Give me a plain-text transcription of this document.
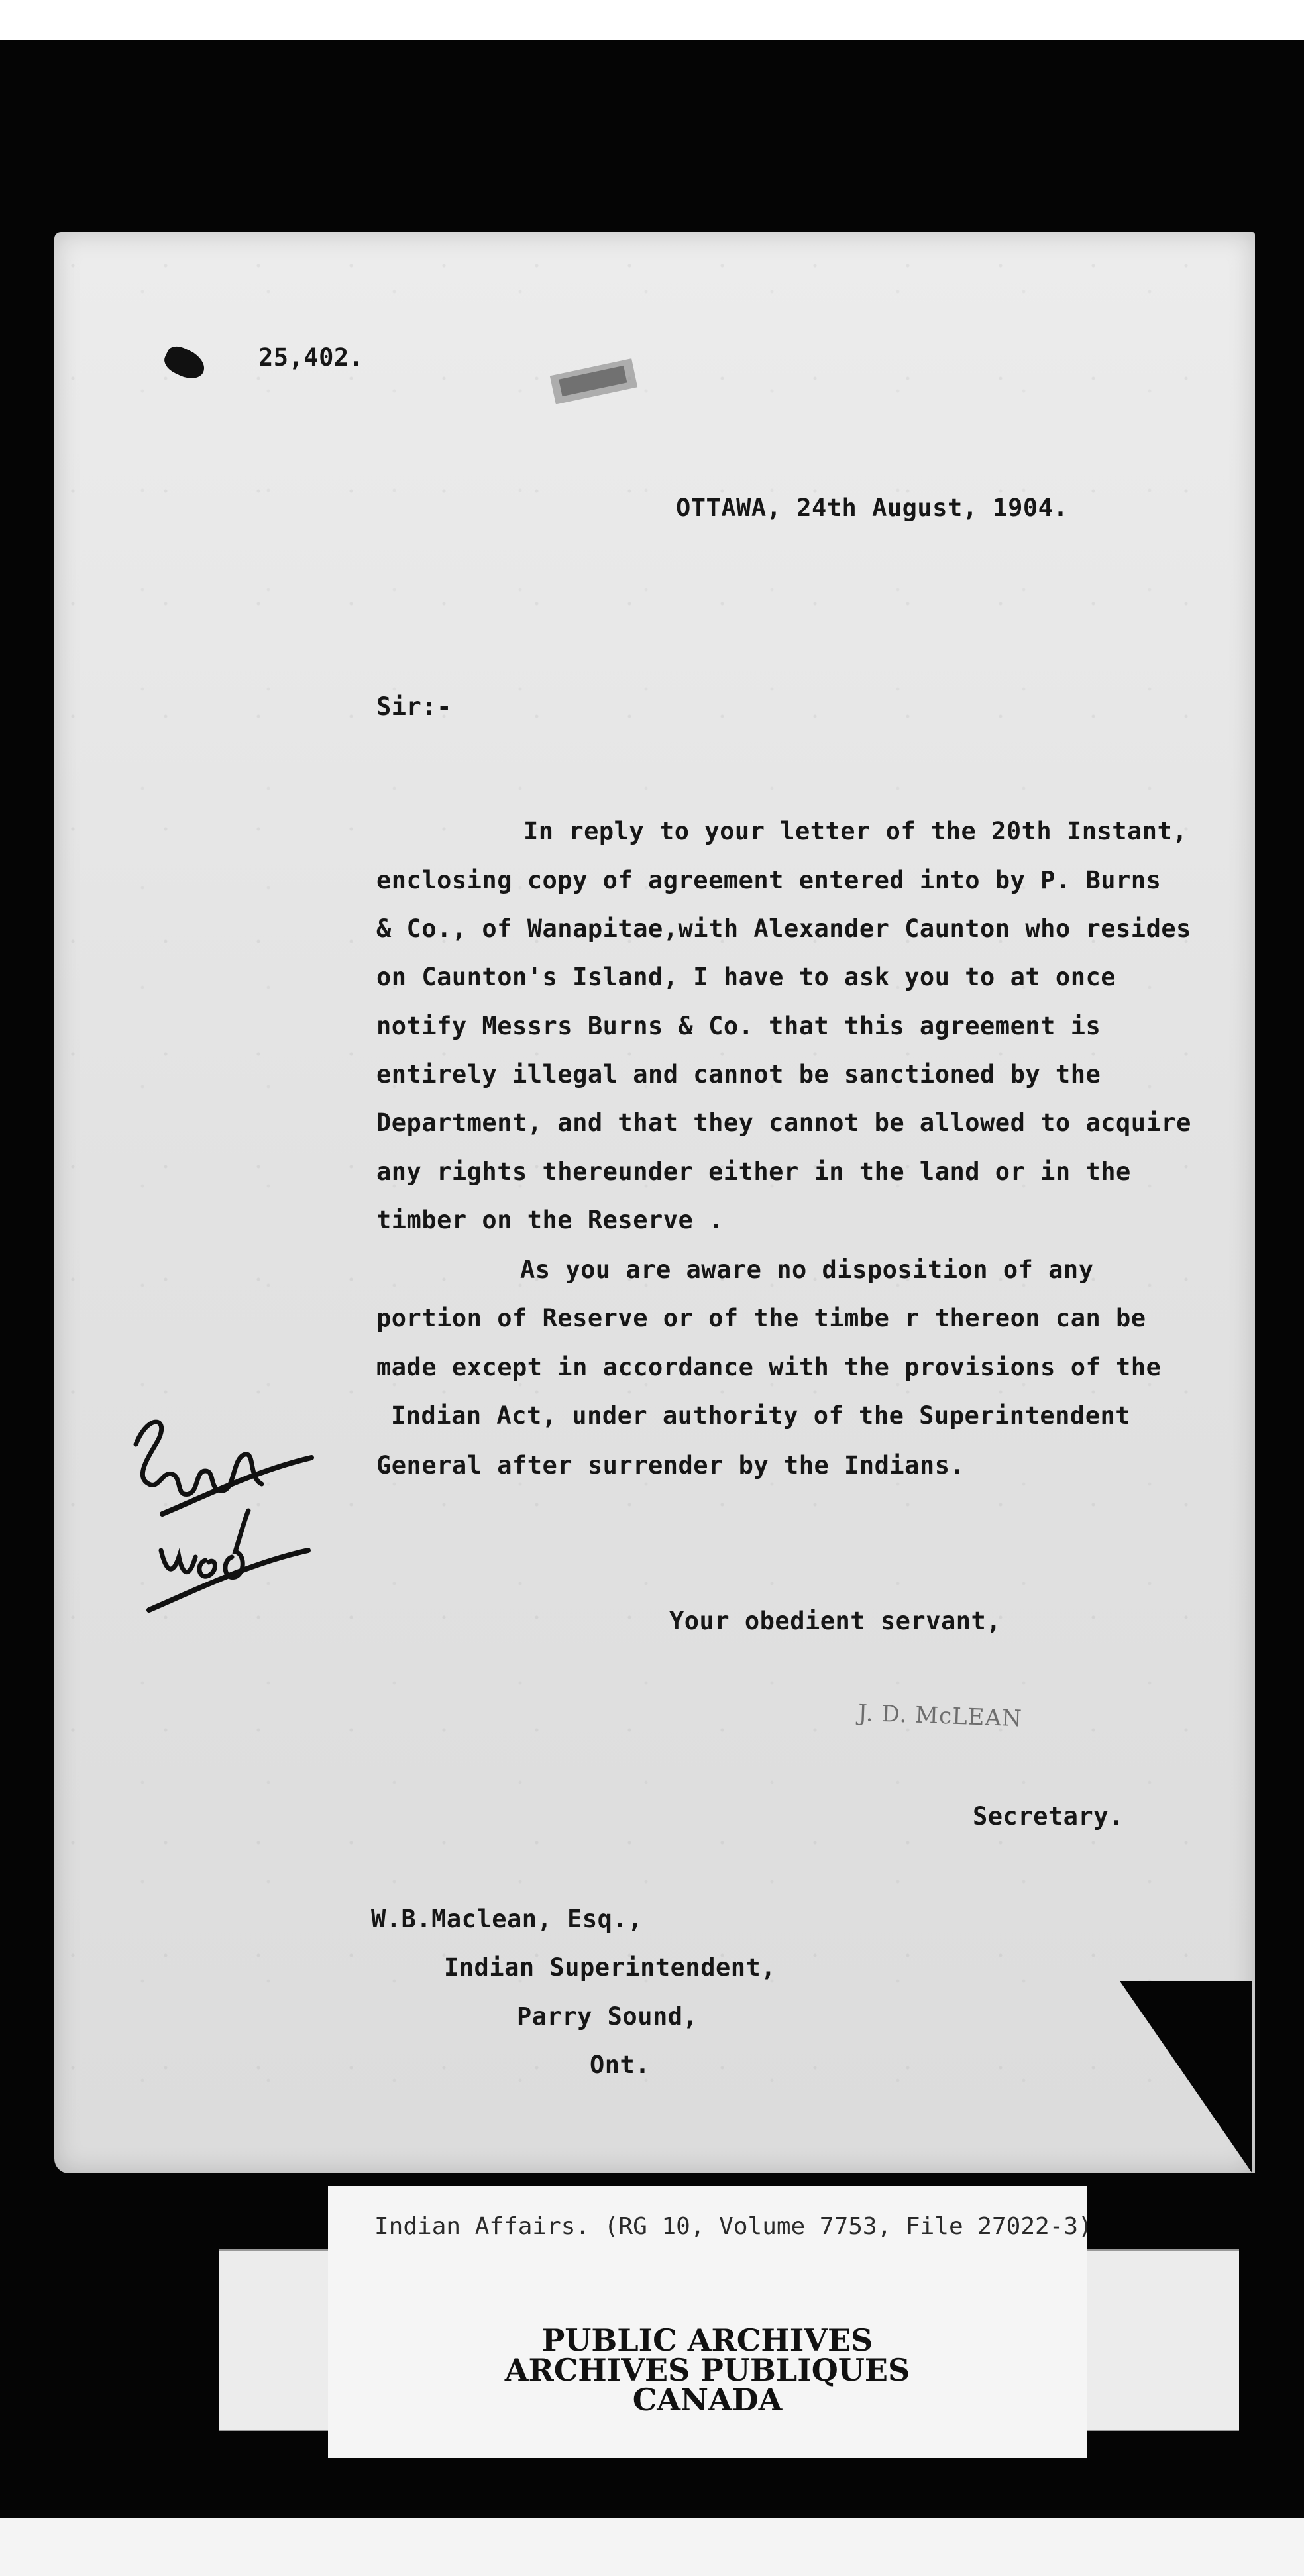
25,402.
OTTAWA, 24th August, 1904.
Sir:-
In reply to your letter of the 20th Instant,
enclosing copy of agreement entered into by P. Burns
& Co., of Wanapitae,with Alexander Caunton who resides
on Caunton's Island, I have to ask you to at once
notify Messrs Burns & Co. that this agreement is
entirely illegal and cannot be sanctioned by the
Department, and that they cannot be allowed to acquire
any rights thereunder either in the land or in the
timber on the Reserve .
As you are aware no disposition of any
portion of Reserve or of the timbe r thereon can be
made except in accordance with the provisions of the
Indian Act, under authority of the Superintendent
General after surrender by the Indians.
Your obedient servant,
J. D. McLEAN
Secretary.
W.B.Maclean, Esq.,
Indian Superintendent,
Parry Sound,
Ont.
Indian Affairs. (RG 10, Volume 7753, File 27022-3)
PUBLIC ARCHIVES
ARCHIVES PUBLIQUES
CANADA
